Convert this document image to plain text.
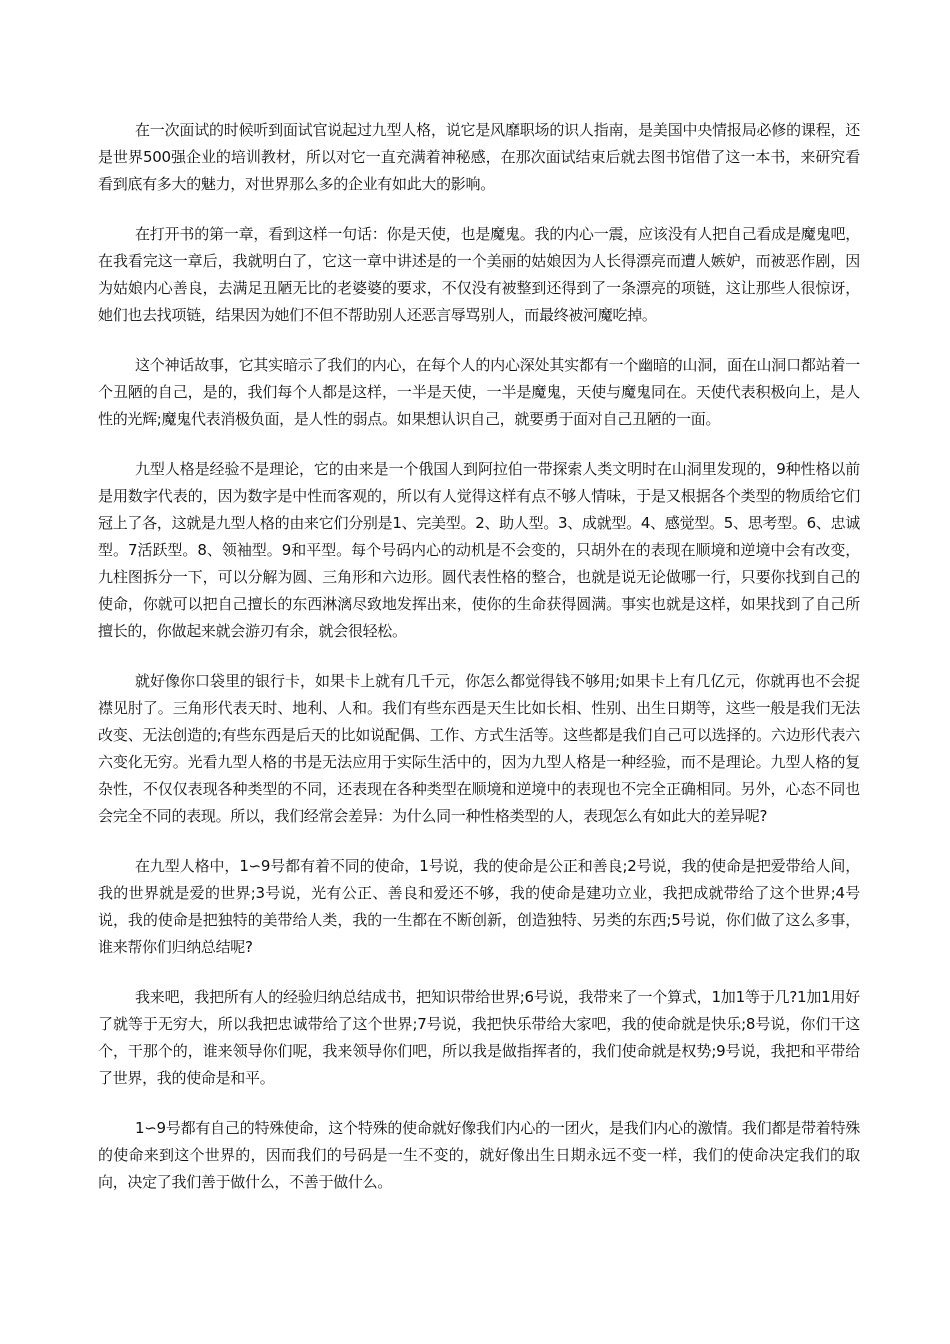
在一次面试的时候听到面试官说起过九型人格，说它是风靡职场的识人指南，是美国中央情报局必修的课程，还是世界500强企业的培训教材，所以对它一直充满着神秘感，在那次面试结束后就去图书馆借了这一本书，来研究看看到底有多大的魅力，对世界那么多的企业有如此大的影响。

在打开书的第一章，看到这样一句话：你是天使，也是魔鬼。我的内心一震，应该没有人把自己看成是魔鬼吧，在我看完这一章后，我就明白了，它这一章中讲述是的一个美丽的姑娘因为人长得漂亮而遭人嫉妒，而被恶作剧，因为姑娘内心善良，去满足丑陋无比的老婆婆的要求，不仅没有被整到还得到了一条漂亮的项链，这让那些人很惊讶，她们也去找项链，结果因为她们不但不帮助别人还恶言辱骂别人，而最终被河魔吃掉。

这个神话故事，它其实暗示了我们的内心，在每个人的内心深处其实都有一个幽暗的山洞，面在山洞口都站着一个丑陋的自己，是的，我们每个人都是这样，一半是天使，一半是魔鬼，天使与魔鬼同在。天使代表积极向上，是人性的光辉;魔鬼代表消极负面，是人性的弱点。如果想认识自己，就要勇于面对自己丑陋的一面。

九型人格是经验不是理论，它的由来是一个俄国人到阿拉伯一带探索人类文明时在山洞里发现的，9种性格以前是用数字代表的，因为数字是中性而客观的，所以有人觉得这样有点不够人情味，于是又根据各个类型的物质给它们冠上了各，这就是九型人格的由来它们分别是1、完美型。2、助人型。3、成就型。4、感觉型。5、思考型。6、忠诚型。7活跃型。8、领袖型。9和平型。每个号码内心的动机是不会变的，只胡外在的表现在顺境和逆境中会有改变，九柱图拆分一下，可以分解为圆、三角形和六边形。圆代表性格的整合，也就是说无论做哪一行，只要你找到自己的使命，你就可以把自己擅长的东西淋漓尽致地发挥出来，使你的生命获得圆满。事实也就是这样，如果找到了自己所擅长的，你做起来就会游刃有余，就会很轻松。

就好像你口袋里的银行卡，如果卡上就有几千元，你怎么都觉得钱不够用;如果卡上有几亿元，你就再也不会捉襟见肘了。三角形代表天时、地利、人和。我们有些东西是天生比如长相、性别、出生日期等，这些一般是我们无法改变、无法创造的;有些东西是后天的比如说配偶、工作、方式生活等。这些都是我们自己可以选择的。六边形代表六六变化无穷。光看九型人格的书是无法应用于实际生活中的，因为九型人格是一种经验，而不是理论。九型人格的复杂性，不仅仅表现各种类型的不同，还表现在各种类型在顺境和逆境中的表现也不完全正确相同。另外，心态不同也会完全不同的表现。所以，我们经常会差异：为什么同一种性格类型的人，表现怎么有如此大的差异呢?

在九型人格中，1∽9号都有着不同的使命，1号说，我的使命是公正和善良;2号说，我的使命是把爱带给人间，我的世界就是爱的世界;3号说，光有公正、善良和爱还不够，我的使命是建功立业，我把成就带给了这个世界;4号说，我的使命是把独特的美带给人类，我的一生都在不断创新，创造独特、另类的东西;5号说，你们做了这么多事，谁来帮你们归纳总结呢?

我来吧，我把所有人的经验归纳总结成书，把知识带给世界;6号说，我带来了一个算式，1加1等于几?1加1用好了就等于无穷大，所以我把忠诚带给了这个世界;7号说，我把快乐带给大家吧，我的使命就是快乐;8号说，你们干这个，干那个的，谁来领导你们呢，我来领导你们吧，所以我是做指挥者的，我们使命就是权势;9号说，我把和平带给了世界，我的使命是和平。

1∽9号都有自己的特殊使命，这个特殊的使命就好像我们内心的一团火，是我们内心的激情。我们都是带着特殊的使命来到这个世界的，因而我们的号码是一生不变的，就好像出生日期永远不变一样，我们的使命决定我们的取向，决定了我们善于做什么，不善于做什么。
